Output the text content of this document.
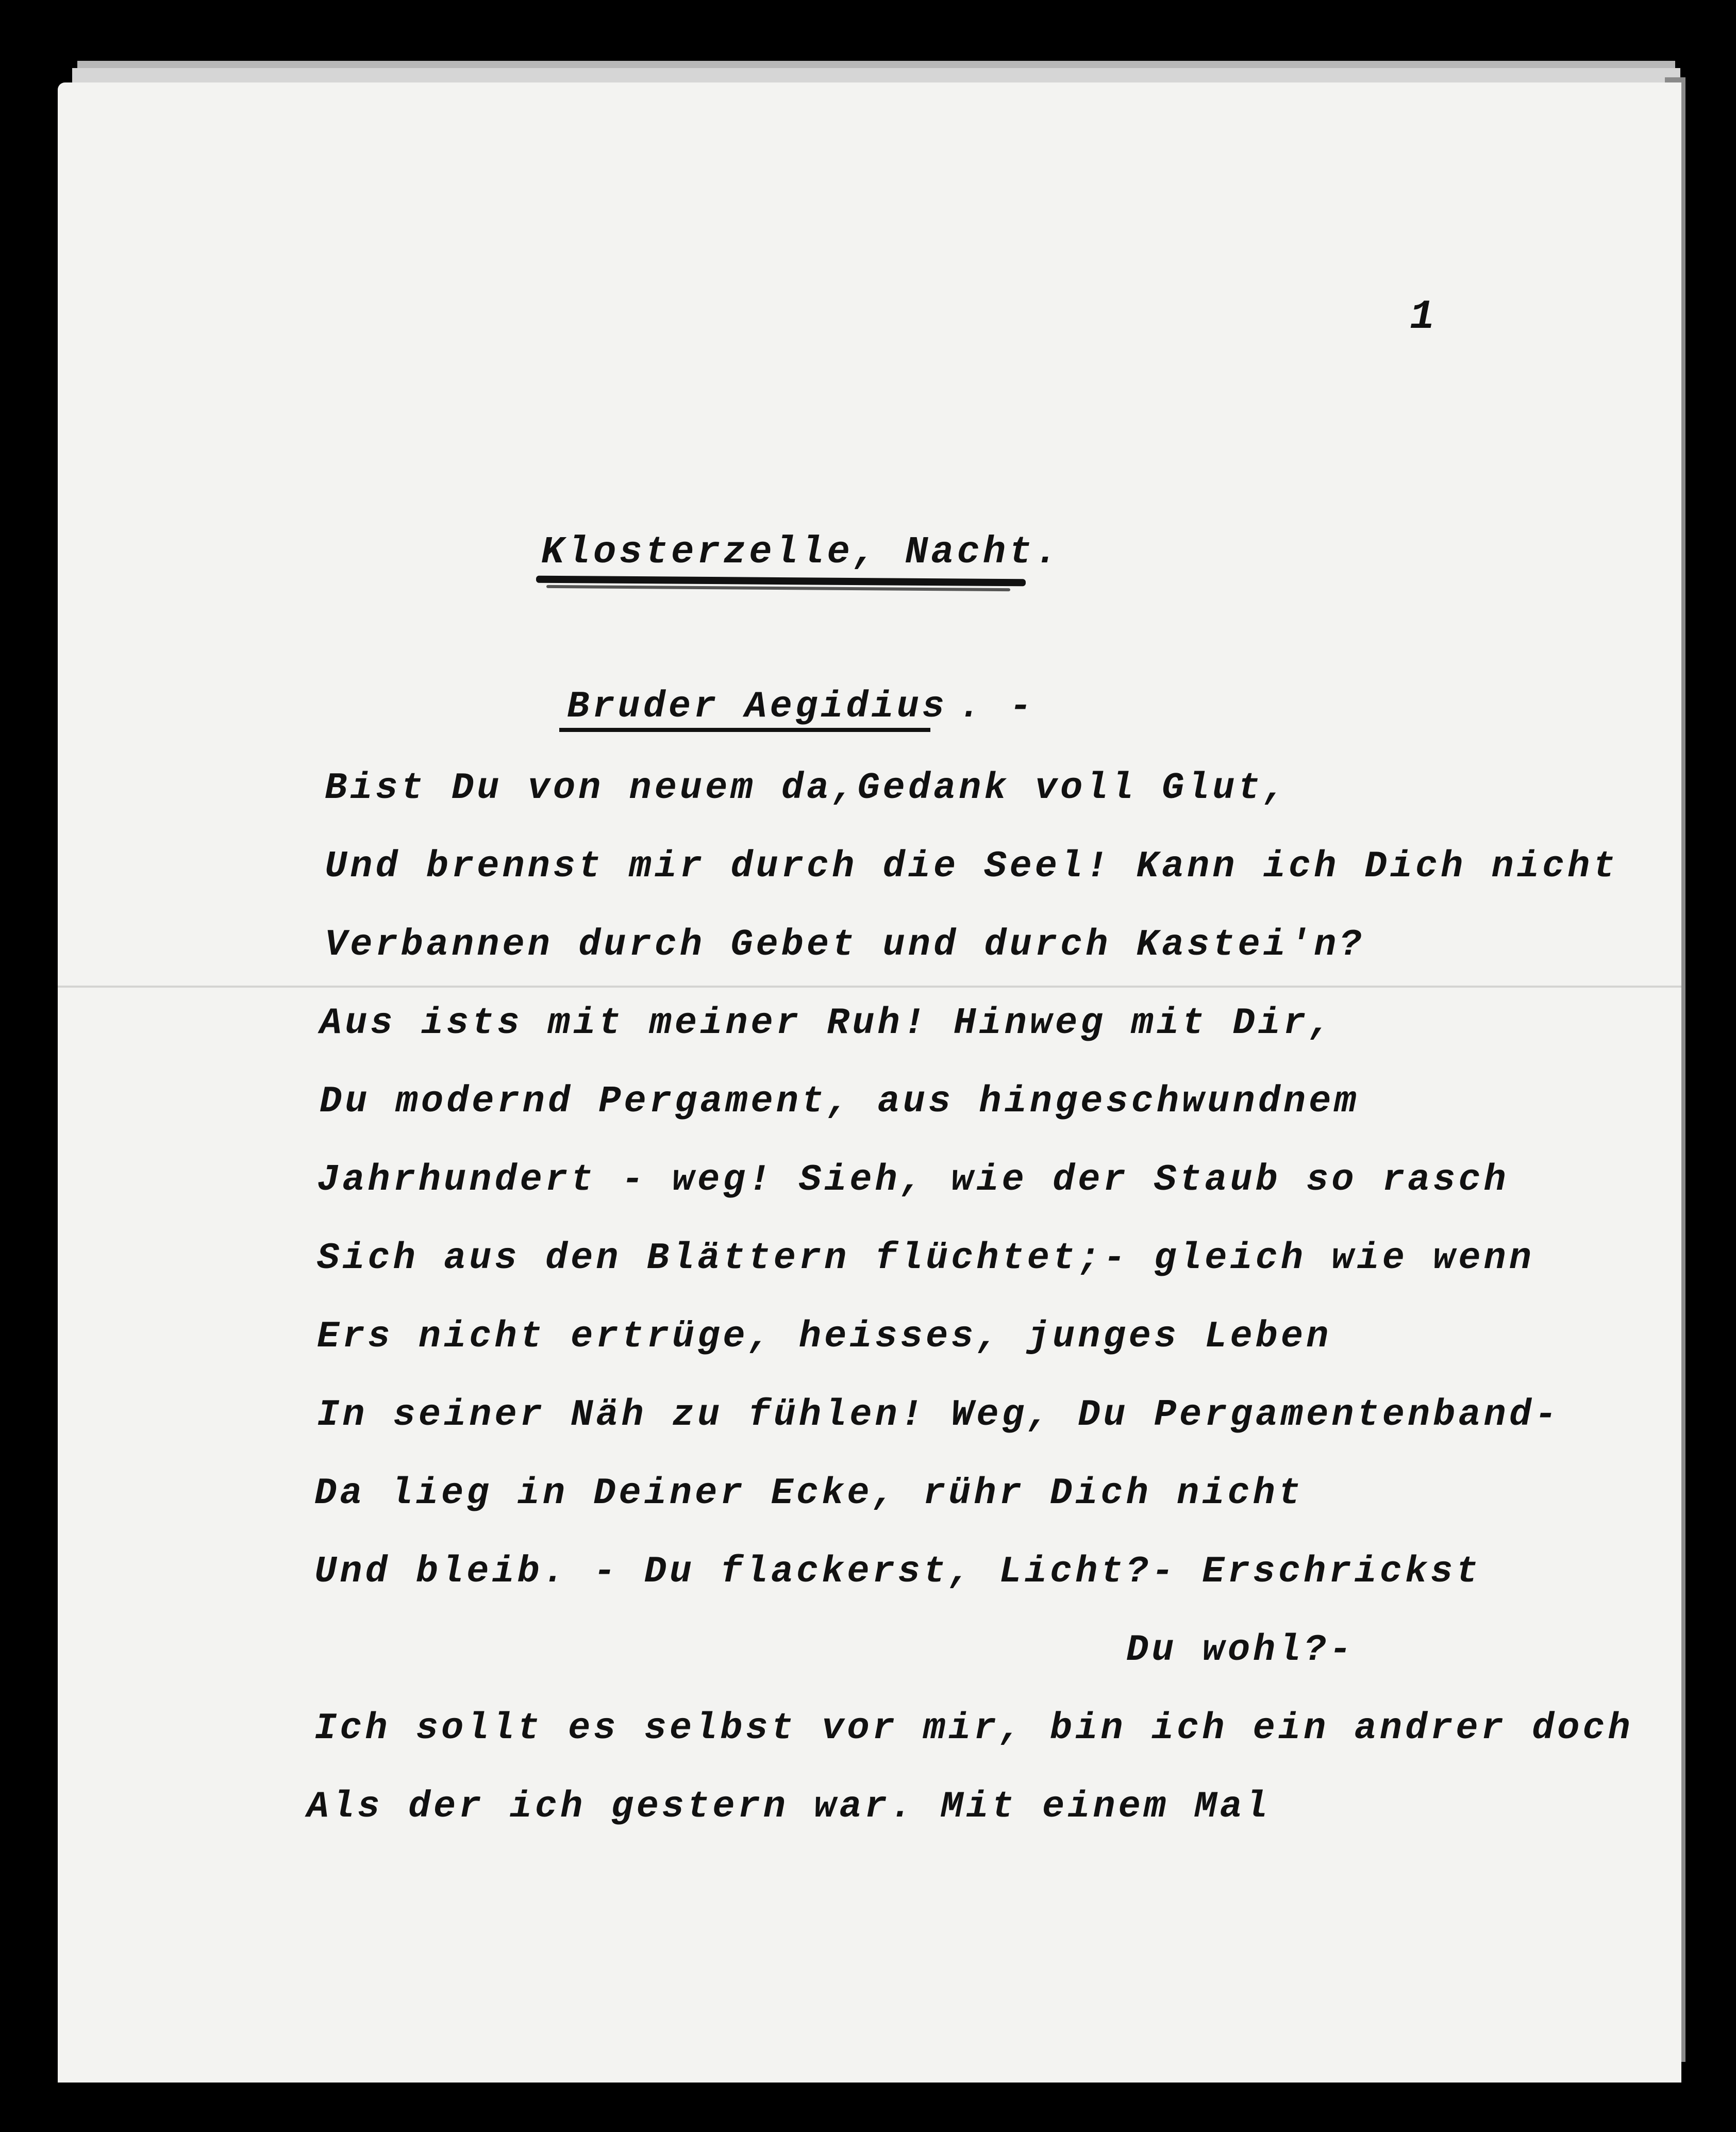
1
Klosterzelle, Nacht.
Bruder Aegidius . -
Bist Du von neuem da,Gedank voll Glut,
Und brennst mir durch die Seel! Kann ich Dich nicht
Verbannen durch Gebet und durch Kastei'n?
Aus ists mit meiner Ruh! Hinweg mit Dir,
Du modernd Pergament, aus hingeschwundnem
Jahrhundert - weg! Sieh, wie der Staub so rasch
Sich aus den Blättern flüchtet;- gleich wie wenn
Ers nicht ertrüge, heisses, junges Leben
In seiner Näh zu fühlen! Weg, Du Pergamentenband-
Da lieg in Deiner Ecke, rühr Dich nicht
Und bleib. - Du flackerst, Licht?- Erschrickst
Du wohl?-
Ich sollt es selbst vor mir, bin ich ein andrer doch
Als der ich gestern war. Mit einem Mal
